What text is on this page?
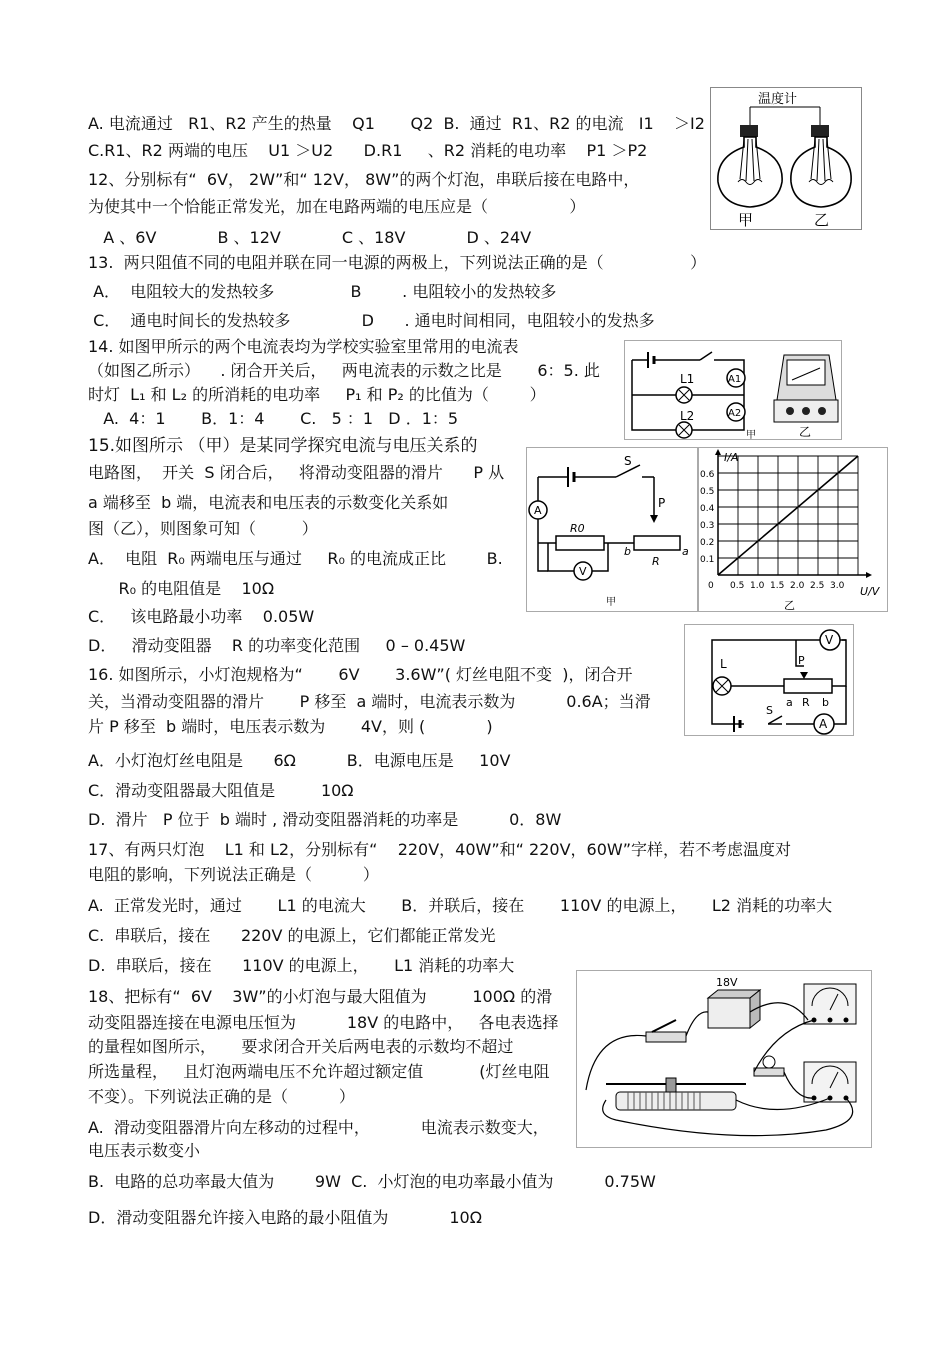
A. 电流通过   R1、R2 产生的热量    Q1       Q2  B.  通过  R1、R2 的电流   I1    ＞I2
C.R1、R2 两端的电压    U1 ＞U2      D.R1     、R2 消耗的电功率    P1 ＞P2
12、分别标有“  6V， 2W”和“ 12V， 8W”的两个灯泡，串联后接在电路中，
为使其中一个恰能正常发光，加在电路两端的电压应是（                ）
A 、6V            B 、12V            C 、18V            D 、24V
13.  两只阻值不同的电阻并联在同一电源的两极上，下列说法正确的是（                 ）
A．  电阻较大的发热较多               B        . 电阻较小的发热较多
C．  通电时间长的发热较多              D      . 通电时间相同，电阻较小的发热多
14. 如图甲所示的两个电流表均为学校实验室里常用的电流表
（如图乙所示）    . 闭合开关后，   两电流表的示数之比是       6：5. 此
时灯  L₁ 和 L₂ 的所消耗的电功率     P₁ 和 P₂ 的比值为（        ）
A.  4：1       B．1：4       C.   5 ：1   D ．1：5
15.如图所示 （甲）是某同学探究电流与电压关系的
电路图，  开关  S 闭合后，   将滑动变阻器的滑片      P 从
a 端移至  b 端，电流表和电压表的示数变化关系如
图（乙），则图象可知（         ）
A．  电阻  R₀ 两端电压与通过     R₀ 的电流成正比        B.
R₀ 的电阻值是    10Ω
C．   该电路最小功率    0.05W
D．   滑动变阻器    R 的功率变化范围     0 – 0.45W
16. 如图所示，小灯泡规格为“       6V       3.6W”( 灯丝电阻不变  )，闭合开
关，当滑动变阻器的滑片       P 移至  a 端时，电流表示数为          0.6A；当滑
片 P 移至  b 端时，电压表示数为       4V，则 (            )
A．小灯泡灯丝电阻是      6Ω          B．电源电压是     10V
C．滑动变阻器最大阻值是         10Ω
D.  滑片   P 位于  b 端时 , 滑动变阻器消耗的功率是          0．8W
17、有两只灯泡    L1 和 L2，分别标有“    220V，40W”和“ 220V，60W”字样，若不考虑温度对
电阻的影响，下列说法正确是（          ）
A.  正常发光时，通过       L1 的电流大       B．并联后，接在       110V 的电源上，     L2 消耗的功率大
C.  串联后，接在      220V 的电源上，它们都能正常发光
D.  串联后，接在      110V 的电源上，     L1 消耗的功率大
18、把标有“  6V    3W”的小灯泡与最大阻值为         100Ω 的滑
动变阻器连接在电源电压恒为          18V 的电路中，   各电表选择
的量程如图所示，     要求闭合开关后两电表的示数均不超过
所选量程，   且灯泡两端电压不允许超过额定值           (灯丝电阻
不变）。下列说法正确的是（          ）
A.  滑动变阻器滑片向左移动的过程中，          电流表示数变大，
电压表示数变小
B.  电路的总功率最大值为        9W  C.  小灯泡的电功率最小值为          0.75W
D．滑动变阻器允许接入电路的最小阻值为            10Ω
温度计
甲	乙
L1
L2
A1
A2
甲	乙
S
P
A
R0
R
b	a
V
甲
I/A
U/V
乙
0.6
0.5
0.4
0.3
0.2
0.1
0 0.5 1.0 1.5 2.0 2.5 3.0
V
L	P
a R b
S
A
18V
